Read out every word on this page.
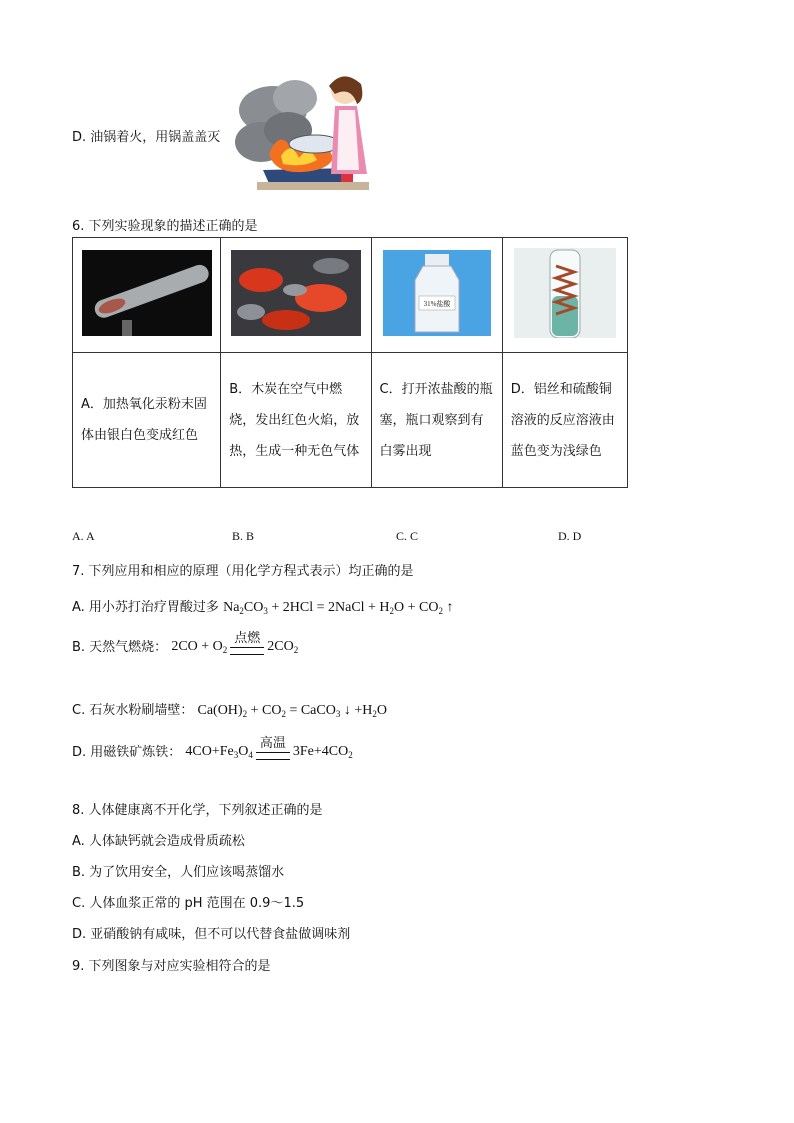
D. 油锅着火，用锅盖盖灭
6. 下列实验现象的描述正确的是

31%盐酸

A．加热氧化汞粉末固体由银白色变成红色	B．木炭在空气中燃烧，发出红色火焰，放热，生成一种无色气体	C．打开浓盐酸的瓶塞，瓶口观察到有白雾出现	D．铝丝和硫酸铜溶液的反应溶液由蓝色变为浅绿色
A. A	B. B	C. C	D. D
7. 下列应用和相应的原理（用化学方程式表示）均正确的是
A. 用小苏打治疗胃酸过多 $Na_2CO_3 + 2HCl$ = 2NaCl + $H_2O + CO_2$ ↑
B. 天然气燃烧： $2CO + O_2$
点燃
$2CO_2$
C. 石灰水粉刷墙壁： $Ca(OH)_2 + CO_2$ = CaCO$_3$ ↓ $+H_2O$
D. 用磁铁矿炼铁： $4CO+Fe_3O_4$
高温
$3Fe+4CO_2$
8. 人体健康离不开化学，下列叙述正确的是
A. 人体缺钙就会造成骨质疏松
B. 为了饮用安全，人们应该喝蒸馏水
C. 人体血浆正常的 pH 范围在 0.9～1.5
D. 亚硝酸钠有咸味，但不可以代替食盐做调味剂
9. 下列图象与对应实验相符合的是
